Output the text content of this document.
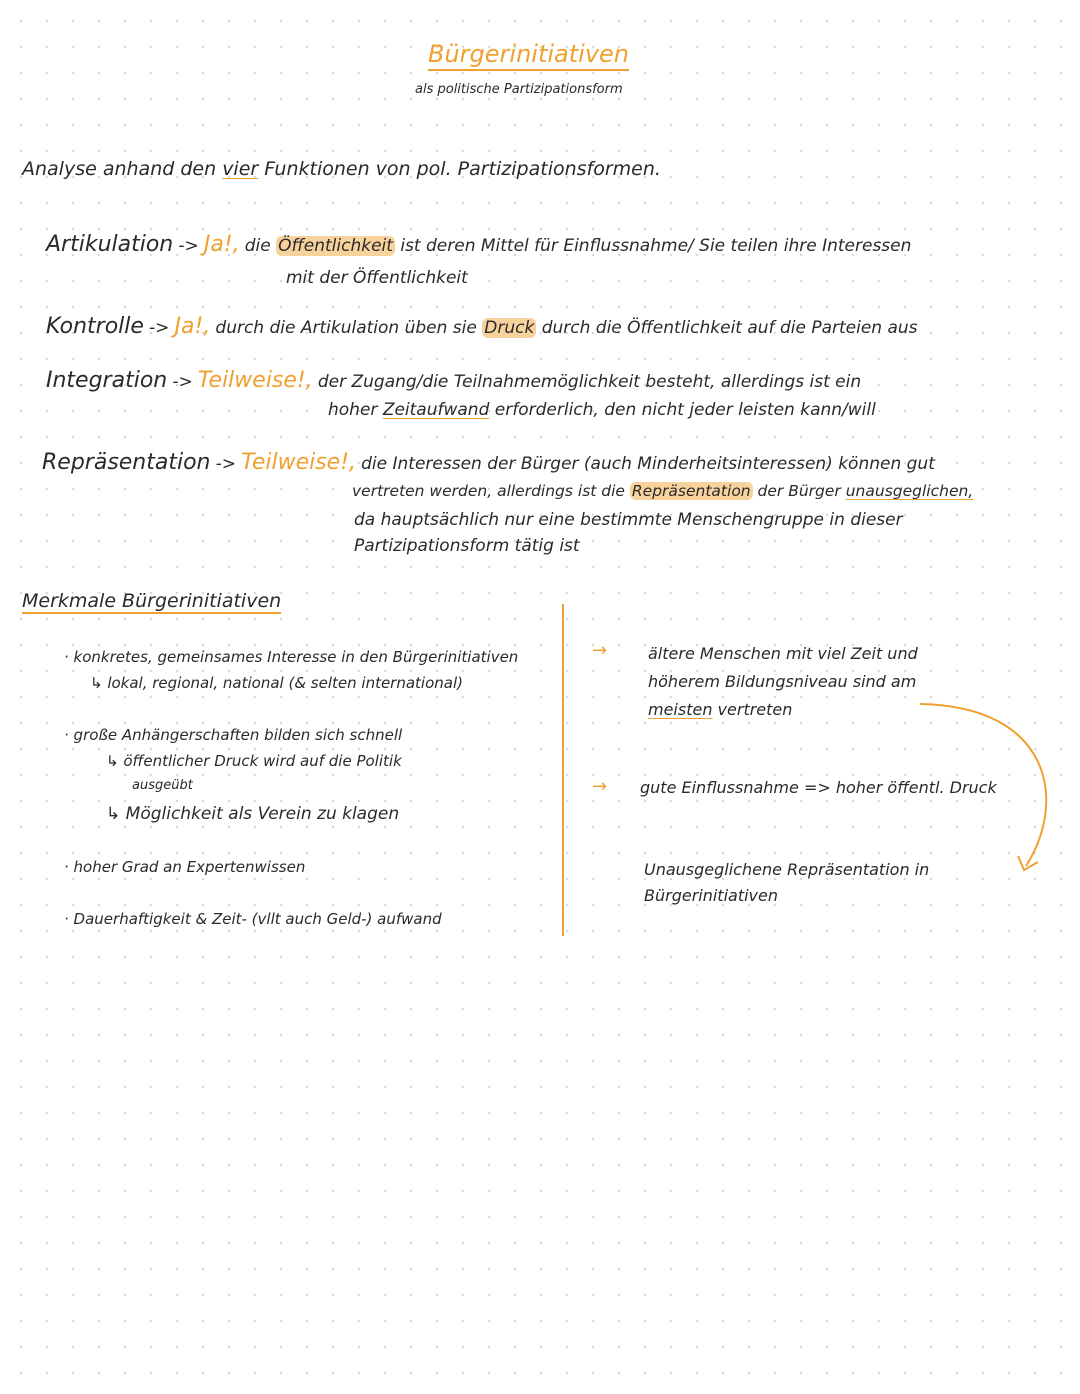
Bürgerinitiativen
als politische Partizipationsform
Analyse anhand den vier Funktionen von pol. Partizipationsformen.
Artikulation -> Ja!, die Öffentlichkeit ist deren Mittel für Einflussnahme/ Sie teilen ihre Interessen
mit der Öffentlichkeit
Kontrolle -> Ja!, durch die Artikulation üben sie Druck durch die Öffentlichkeit auf die Parteien aus
Integration -> Teilweise!, der Zugang/die Teilnahmemöglichkeit besteht, allerdings ist ein
hoher Zeitaufwand erforderlich, den nicht jeder leisten kann/will
Repräsentation -> Teilweise!, die Interessen der Bürger (auch Minderheitsinteressen) können gut
vertreten werden, allerdings ist die Repräsentation der Bürger unausgeglichen,
da hauptsächlich nur eine bestimmte Menschengruppe in dieser
Partizipationsform tätig ist
Merkmale Bürgerinitiativen
· konkretes, gemeinsames Interesse in den Bürgerinitiativen
↳ lokal, regional, national (& selten international)
· große Anhängerschaften bilden sich schnell
↳ öffentlicher Druck wird auf die Politik
ausgeübt
↳ Möglichkeit als Verein zu klagen
· hoher Grad an Expertenwissen
· Dauerhaftigkeit & Zeit- (vllt auch Geld-) aufwand
→	ältere Menschen mit viel Zeit und
höherem Bildungsniveau sind am
meisten vertreten
→ gute Einflussnahme => hoher öffentl. Druck
Unausgeglichene Repräsentation in
Bürgerinitiativen
